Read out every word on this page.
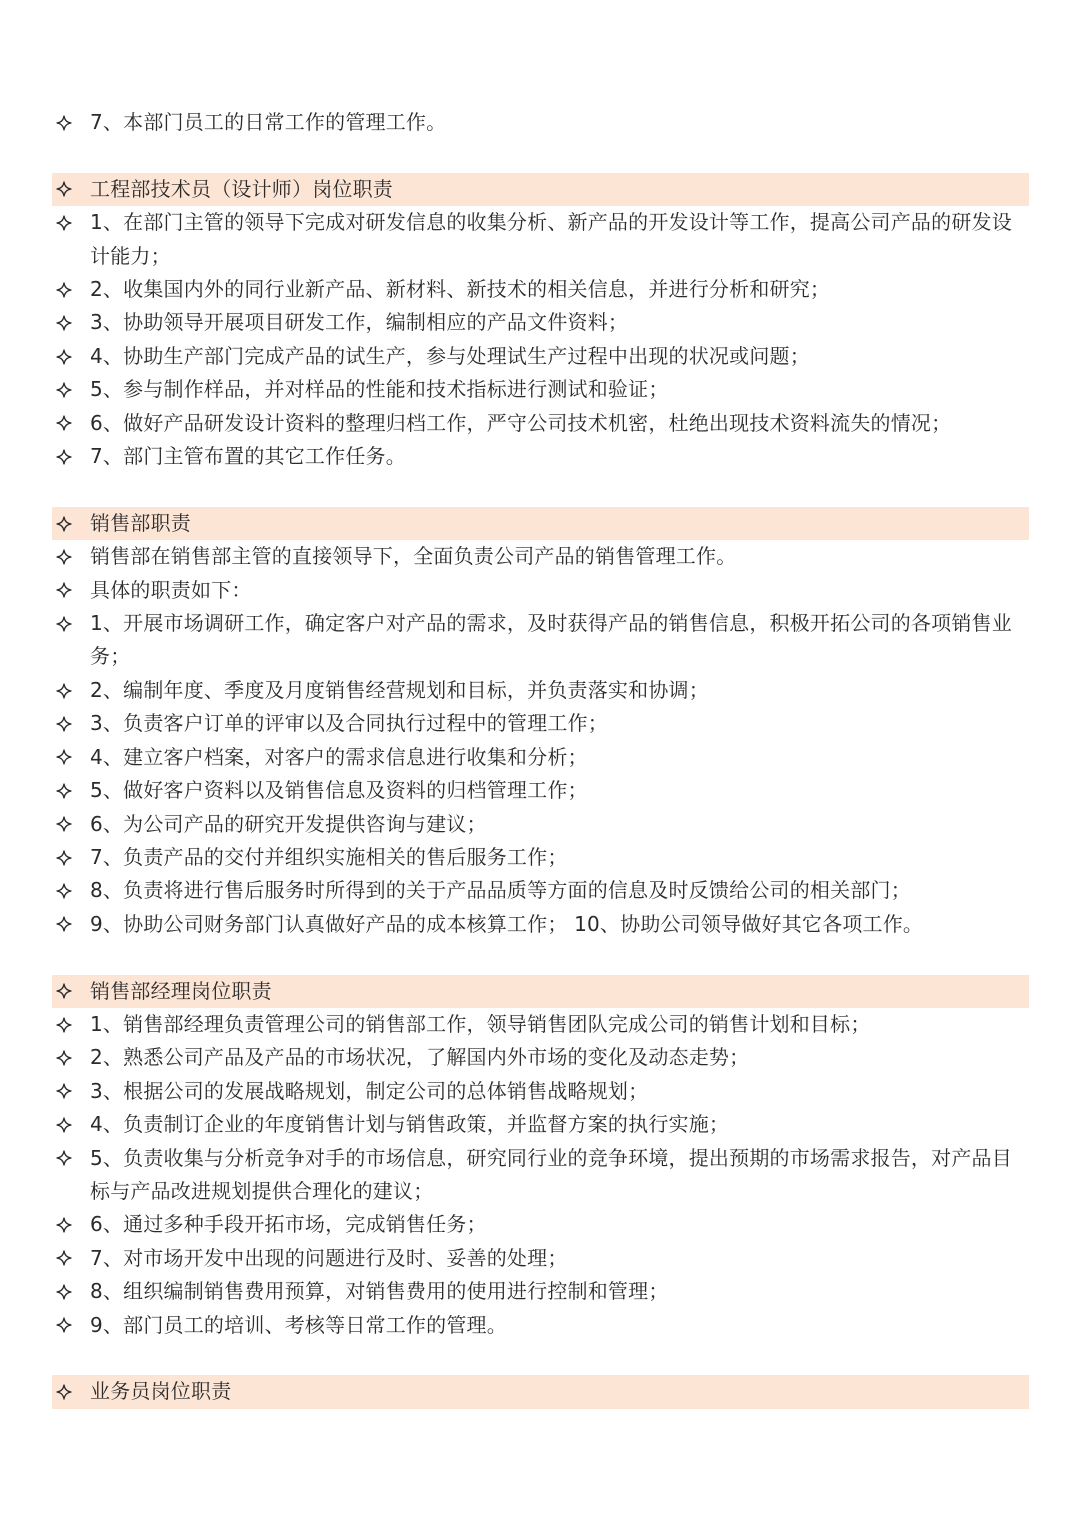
7、本部门员工的日常工作的管理工作。
工程部技术员（设计师）岗位职责
1、在部门主管的领导下完成对研发信息的收集分析、新产品的开发设计等工作，提高公司产品的研发设计能力；
2、收集国内外的同行业新产品、新材料、新技术的相关信息，并进行分析和研究；
3、协助领导开展项目研发工作，编制相应的产品文件资料；
4、协助生产部门完成产品的试生产，参与处理试生产过程中出现的状况或问题；
5、参与制作样品，并对样品的性能和技术指标进行测试和验证；
6、做好产品研发设计资料的整理归档工作，严守公司技术机密，杜绝出现技术资料流失的情况；
7、部门主管布置的其它工作任务。
销售部职责
销售部在销售部主管的直接领导下，全面负责公司产品的销售管理工作。
具体的职责如下：
1、开展市场调研工作，确定客户对产品的需求，及时获得产品的销售信息，积极开拓公司的各项销售业务；
2、编制年度、季度及月度销售经营规划和目标，并负责落实和协调；
3、负责客户订单的评审以及合同执行过程中的管理工作；
4、建立客户档案，对客户的需求信息进行收集和分析；
5、做好客户资料以及销售信息及资料的归档管理工作；
6、为公司产品的研究开发提供咨询与建议；
7、负责产品的交付并组织实施相关的售后服务工作；
8、负责将进行售后服务时所得到的关于产品品质等方面的信息及时反馈给公司的相关部门；
9、协助公司财务部门认真做好产品的成本核算工作； 10、协助公司领导做好其它各项工作。
销售部经理岗位职责
1、销售部经理负责管理公司的销售部工作，领导销售团队完成公司的销售计划和目标；
2、熟悉公司产品及产品的市场状况，了解国内外市场的变化及动态走势；
3、根据公司的发展战略规划，制定公司的总体销售战略规划；
4、负责制订企业的年度销售计划与销售政策，并监督方案的执行实施；
5、负责收集与分析竞争对手的市场信息，研究同行业的竞争环境，提出预期的市场需求报告，对产品目标与产品改进规划提供合理化的建议；
6、通过多种手段开拓市场，完成销售任务；
7、对市场开发中出现的问题进行及时、妥善的处理；
8、组织编制销售费用预算，对销售费用的使用进行控制和管理；
9、部门员工的培训、考核等日常工作的管理。
业务员岗位职责
